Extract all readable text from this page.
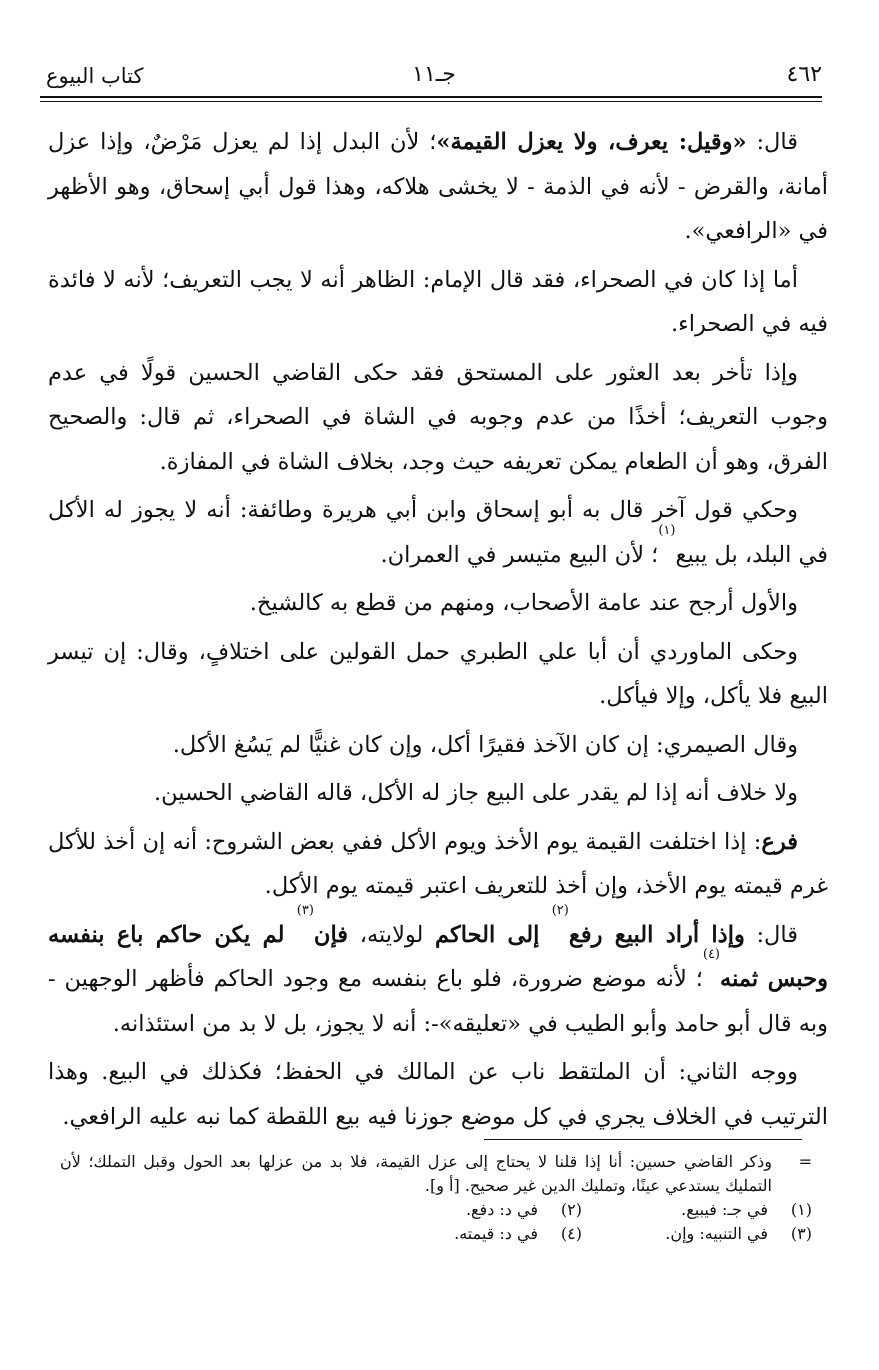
٤٦٢
جـ١١
كتاب البيوع

قال: «وقيل: يعرف، ولا يعزل القيمة»؛ لأن البدل إذا لم يعزل مَرْضٌ، وإذا عزل أمانة، والقرض - لأنه في الذمة - لا يخشى هلاكه، وهذا قول أبي إسحاق، وهو الأظهر في «الرافعي».

أما إذا كان في الصحراء، فقد قال الإمام: الظاهر أنه لا يجب التعريف؛ لأنه لا فائدة فيه في الصحراء.

وإذا تأخر بعد العثور على المستحق فقد حكى القاضي الحسين قولًا في عدم وجوب التعريف؛ أخذًا من عدم وجوبه في الشاة في الصحراء، ثم قال: والصحيح الفرق، وهو أن الطعام يمكن تعريفه حيث وجد، بخلاف الشاة في المفازة.

وحكي قول آخر قال به أبو إسحاق وابن أبي هريرة وطائفة: أنه لا يجوز له الأكل في البلد، بل يبيع$^{(١)}$؛ لأن البيع متيسر في العمران.

والأول أرجح عند عامة الأصحاب، ومنهم من قطع به كالشيخ.

وحكى الماوردي أن أبا علي الطبري حمل القولين على اختلافٍ، وقال: إن تيسر البيع فلا يأكل، وإلا فيأكل.

وقال الصيمري: إن كان الآخذ فقيرًا أكل، وإن كان غنيًّا لم يَسُغ الأكل.

ولا خلاف أنه إذا لم يقدر على البيع جاز له الأكل، قاله القاضي الحسين.

فرع: إذا اختلفت القيمة يوم الأخذ ويوم الأكل ففي بعض الشروح: أنه إن أخذ للأكل غرم قيمته يوم الأخذ، وإن أخذ للتعريف اعتبر قيمته يوم الأكل.

قال: وإذا أراد البيع رفع$^{(٢)}$ إلى الحاكم لولايته، فإن$^{(٣)}$ لم يكن حاكم باع بنفسه وحبس ثمنه$^{(٤)}$؛ لأنه موضع ضرورة، فلو باع بنفسه مع وجود الحاكم فأظهر الوجهين - وبه قال أبو حامد وأبو الطيب في «تعليقه»-: أنه لا يجوز، بل لا بد من استئذانه.

ووجه الثاني: أن الملتقط ناب عن المالك في الحفظ؛ فكذلك في البيع. وهذا الترتيب في الخلاف يجري في كل موضع جوزنا فيه بيع اللقطة كما نبه عليه الرافعي.

=
وذكر القاضي حسين: أنا إذا قلنا لا يحتاج إلى عزل القيمة، فلا بد من عزلها بعد الحول وقبل التملك؛ لأن التمليك يستدعي عينًا، وتمليك الدين غير صحيح. [أ و].

(١)
في جـ: فيبيع.
(٢)
في د: دفع.
(٣)
في التنبيه: وإن.
(٤)
في د: قيمته.
